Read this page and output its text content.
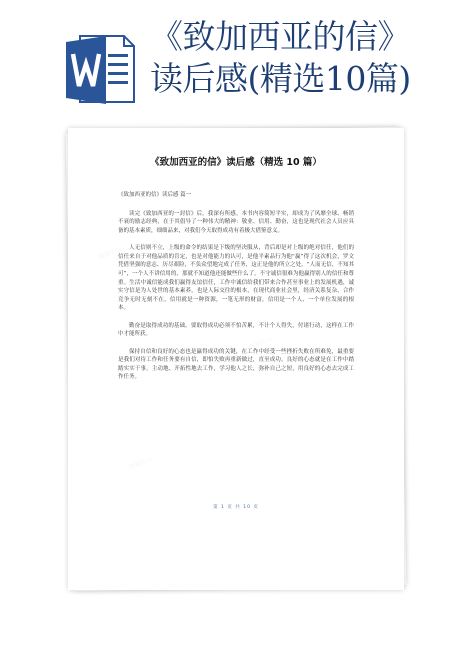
《致加西亚的信》
读后感(精选10篇)
熊猫办公
熊猫办公
熊猫办公
《致加西亚的信》读后感（精选 10 篇）

《致加西亚的信》读后感 篇一

读完《致加西亚的一封信》后，我深有所感。本书内容简短平实，却成为了风靡全球、畅销不衰的励志经典，在于其倡导了一种伟大的精神：敬业、信用、勤奋，这也是现代社会人员应具备的基本素质，细细品来，对我们今天取得成功有着极大借鉴意义。

人无信则不立，上级的命令的结果是下级的坚决服从，背后却是对上级的绝对信任，他们的信任来自于对他品质的肯定，也是对他能力的认可，是他平素品行为他“赢”得了这次机会，罗文凭借坚强的意志、历尽艰险，不负众望地完成了任务，这正是他的所立之处。“人而无信，不知其可”，一个人不讲信用的，那就不知道他还能做些什么了，不守诚信很难为他赢得别人的信任和尊重。生活中诚信能成我们赢得友谊信任，工作中诚信给我们带来合作甚至事业上的发展机遇，诚实守信是为人处世的基本素养，也是人际交往的根本，在现代商业社会里，经济关系复杂，合作竞争无时无刻不在，信用就是一种资源，一笔无形的财富，信用是一个人、一个单位发展的根本。

勤奋是取得成功的基础。要取得成功必须不怕苦累，不计个人得失，付诸行动，这样在工作中才能所获。

保持自信和良好的心态也是赢得成功的关键，在工作中经受一些挫折失败在所难免，最重要是我们对待工作和任务要有自信，即怕失败再重新做过，直至成功。良好的心态就是在工作中踏踏实实干事，主动地、开拓性地去工作，学习他人之长，弥补自己之短，用良好的心态去完成工作任务。

第 1 页 共 10 页
